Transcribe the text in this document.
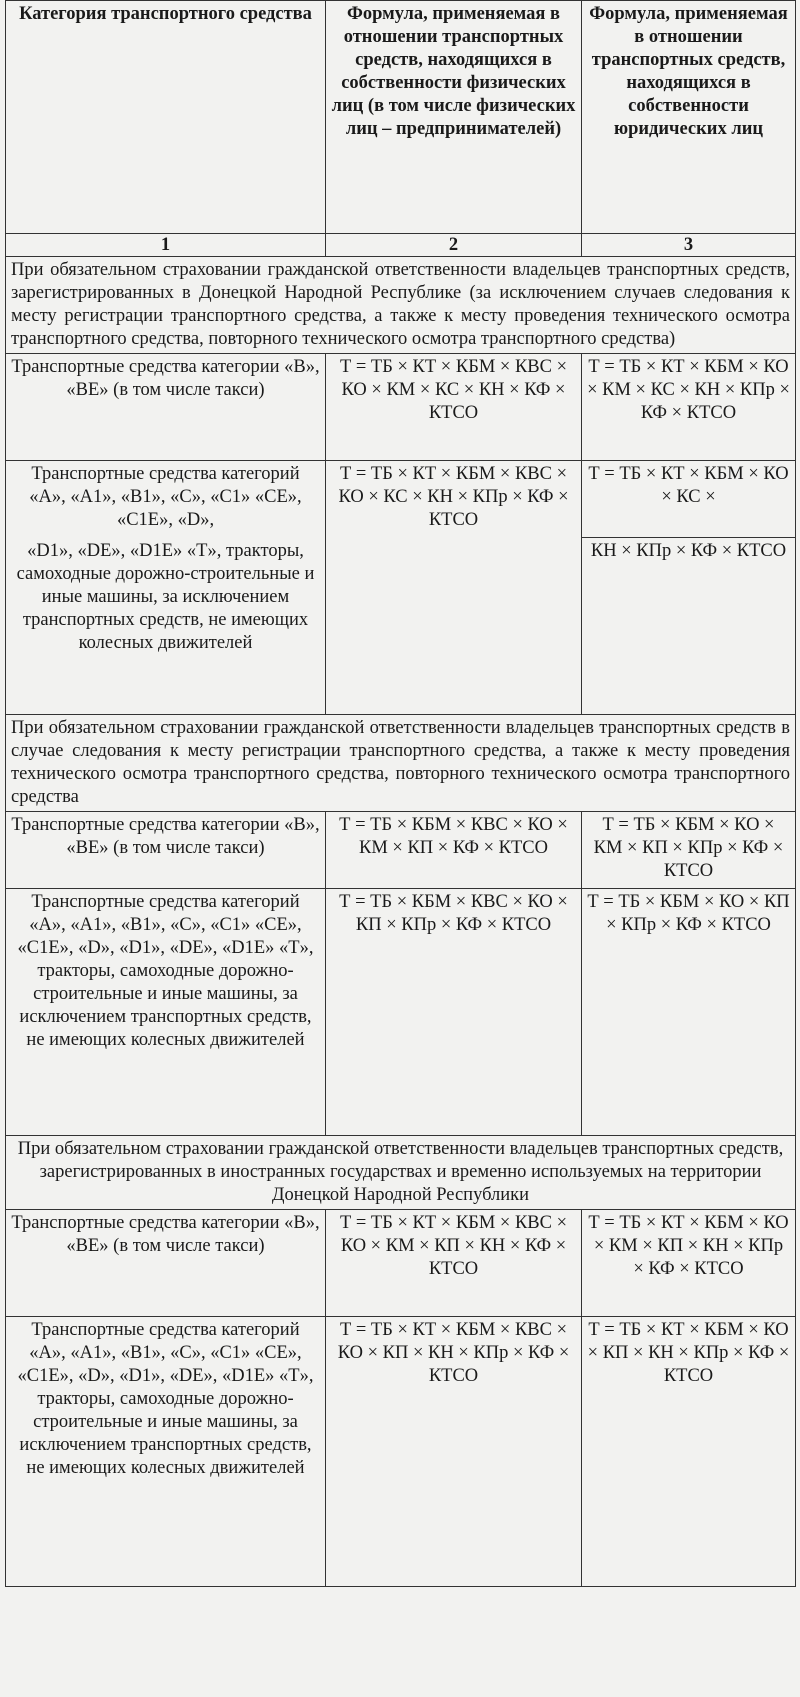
Категория транспортного средства	Формула, применяемая в отношении транспортных средств, находящихся в собственности физических лиц (в том числе физических лиц – предпринимателей)	Формула, применяемая в отношении транспортных средств, находящихся в собственности юридических лиц
1	2	3
При обязательном страховании гражданской ответственности владельцев транспортных средств, зарегистрированных в Донецкой Народной Республике (за исключением случаев следования к месту регистрации транспортного средства, а также к месту проведения технического осмотра транспортного средства, повторного технического осмотра транспортного средства)		
Транспортные средства категории «B», «BE» (в том числе такси)	Т = ТБ × КТ × КБМ × КВС × КО × КМ × КС × КН × КФ × КТСО	Т = ТБ × КТ × КБМ × КО × КМ × КС × КН × КПр × КФ × КТСО
Транспортные средства категорий «A», «A1», «B1», «C», «C1» «CE», «C1E», «D»,	Т = ТБ × КТ × КБМ × КВС × КО × КС × КН × КПр × КФ × КТСО	Т = ТБ × КТ × КБМ × КО × КС ×
«D1», «DE», «D1E» «T», тракторы, самоходные дорожно-строительные и иные машины, за исключением транспортных средств, не имеющих колесных движителей		КН × КПр × КФ × КТСО
При обязательном страховании гражданской ответственности владельцев транспортных средств в случае следования к месту регистрации транспортного средства, а также к месту проведения технического осмотра транспортного средства, повторного технического осмотра транспортного средства		
Транспортные средства категории «B», «BE» (в том числе такси)	Т = ТБ × КБМ × КВС × КО × КМ × КП × КФ × КТСО	Т = ТБ × КБМ × КО × КМ × КП × КПр × КФ × КТСО
Транспортные средства категорий «A», «A1», «B1», «C», «C1» «CE», «C1E», «D», «D1», «DE», «D1E» «T», тракторы, самоходные дорожно-строительные и иные машины, за исключением транспортных средств, не имеющих колесных движителей	Т = ТБ × КБМ × КВС × КО × КП × КПр × КФ × КТСО	Т = ТБ × КБМ × КО × КП × КПр × КФ × КТСО
При обязательном страховании гражданской ответственности владельцев транспортных средств, зарегистрированных в иностранных государствах и временно используемых на территории Донецкой Народной Республики		
Транспортные средства категории «B», «BE» (в том числе такси)	Т = ТБ × КТ × КБМ × КВС × КО × КМ × КП × КН × КФ × КТСО	Т = ТБ × КТ × КБМ × КО × КМ × КП × КН × КПр × КФ × КТСО
Транспортные средства категорий «A», «A1», «B1», «C», «C1» «CE», «C1E», «D», «D1», «DE», «D1E» «T», тракторы, самоходные дорожно-строительные и иные машины, за исключением транспортных средств, не имеющих колесных движителей	Т = ТБ × КТ × КБМ × КВС × КО × КП × КН × КПр × КФ × КТСО	Т = ТБ × КТ × КБМ × КО × КП × КН × КПр × КФ × КТСО
